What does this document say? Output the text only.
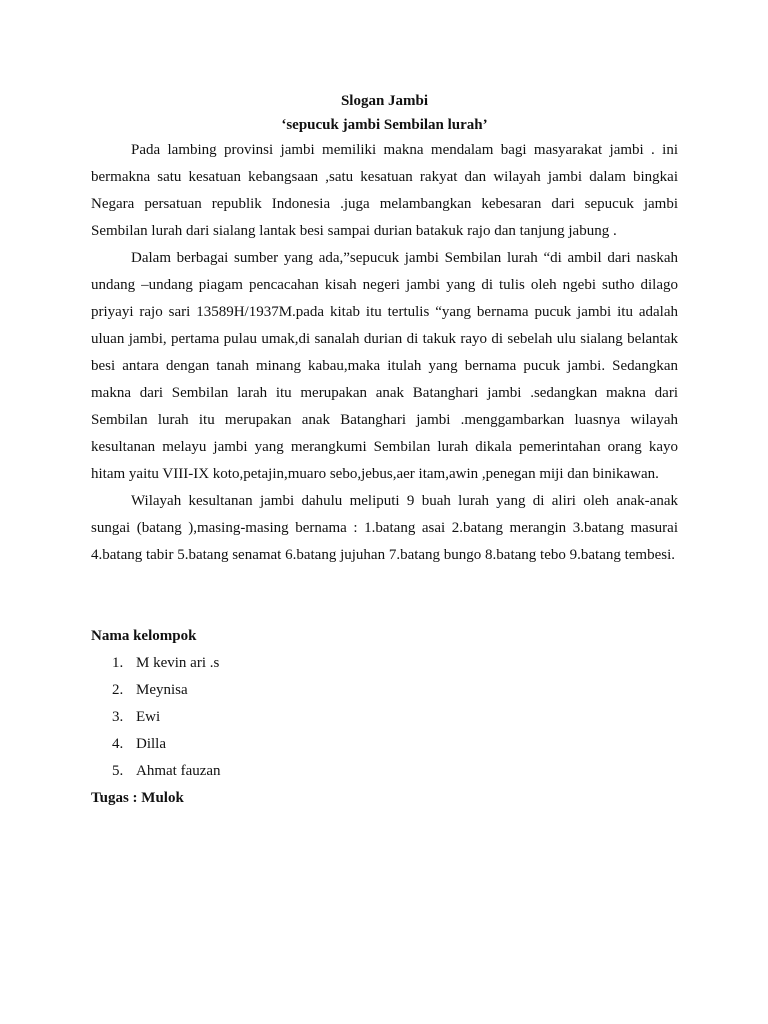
Slogan Jambi

‘sepucuk jambi Sembilan lurah’

Pada lambing provinsi jambi memiliki makna mendalam bagi masyarakat jambi . ini bermakna satu kesatuan kebangsaan ,satu kesatuan rakyat dan wilayah jambi dalam bingkai Negara persatuan republik Indonesia .juga melambangkan kebesaran dari sepucuk jambi Sembilan lurah dari sialang lantak besi sampai durian batakuk rajo dan tanjung jabung .

Dalam berbagai sumber yang ada,”sepucuk jambi Sembilan lurah “di ambil dari naskah undang –undang piagam pencacahan kisah negeri jambi yang di tulis oleh ngebi sutho dilago priyayi rajo sari 13589H/1937M.pada kitab itu tertulis “yang bernama pucuk jambi itu adalah uluan jambi, pertama pulau umak,di sanalah durian di takuk rayo di sebelah ulu sialang belantak besi antara dengan tanah minang kabau,maka itulah yang bernama pucuk jambi. Sedangkan makna dari Sembilan larah itu merupakan anak Batanghari jambi .sedangkan makna dari Sembilan lurah itu merupakan anak Batanghari jambi .menggambarkan luasnya wilayah kesultanan melayu jambi yang merangkumi Sembilan lurah dikala pemerintahan orang kayo hitam yaitu VIII-IX koto,petajin,muaro sebo,jebus,aer itam,awin ,penegan miji dan binikawan.

Wilayah kesultanan jambi dahulu meliputi 9 buah lurah yang di aliri oleh anak-anak sungai (batang ),masing-masing bernama : 1.batang asai 2.batang merangin 3.batang masurai 4.batang tabir 5.batang senamat 6.batang jujuhan 7.batang bungo 8.batang tebo 9.batang tembesi.

Nama kelompok

1. M kevin ari .s
2. Meynisa
3. Ewi
4. Dilla
5. Ahmat fauzan

Tugas : Mulok
